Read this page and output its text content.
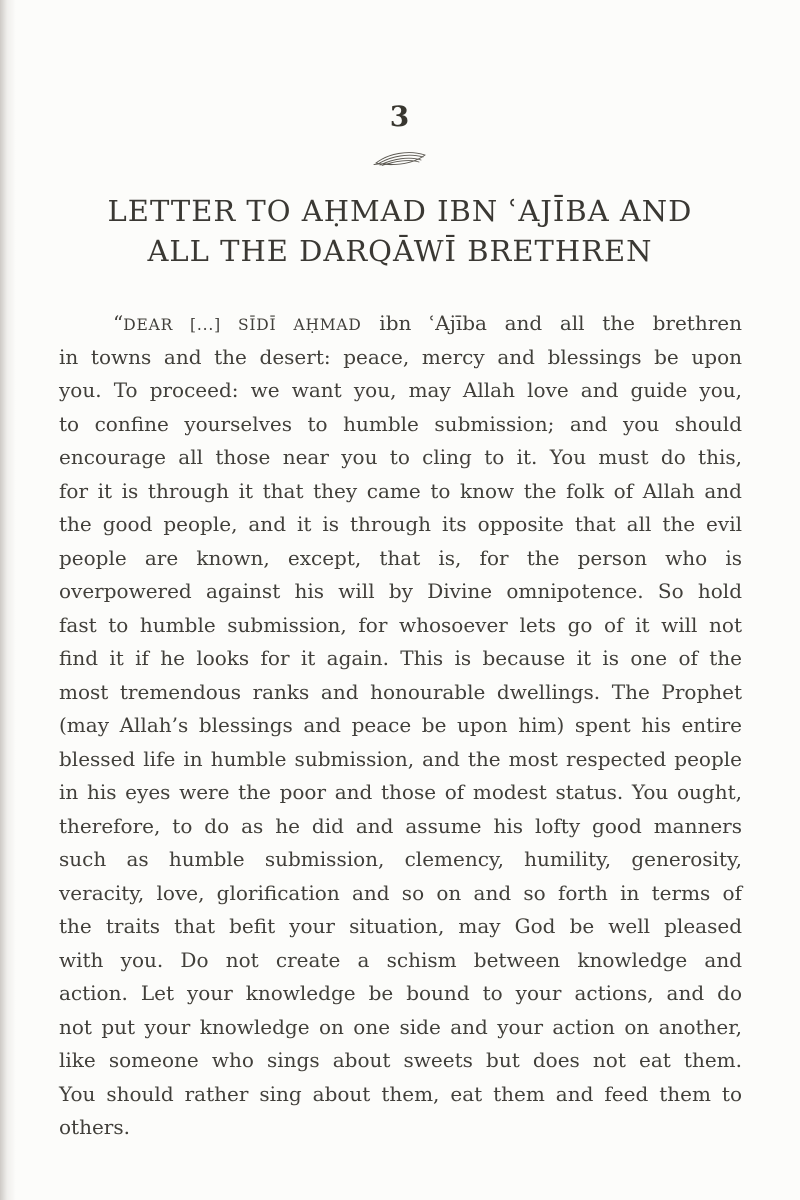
3
LETTER TO AḤMAD IBN ʿAJĪBA AND
ALL THE DARQĀWĪ BRETHREN
“DEAR [...] SĪDĪ AḤMAD ibn ʿAjība and all the brethren
in towns and the desert: peace, mercy and blessings be upon
you. To proceed: we want you, may Allah love and guide you,
to confine yourselves to humble submission; and you should
encourage all those near you to cling to it. You must do this,
for it is through it that they came to know the folk of Allah and
the good people, and it is through its opposite that all the evil
people are known, except, that is, for the person who is
overpowered against his will by Divine omnipotence. So hold
fast to humble submission, for whosoever lets go of it will not
find it if he looks for it again. This is because it is one of the
most tremendous ranks and honourable dwellings. The Prophet
(may Allah’s blessings and peace be upon him) spent his entire
blessed life in humble submission, and the most respected people
in his eyes were the poor and those of modest status. You ought,
therefore, to do as he did and assume his lofty good manners
such as humble submission, clemency, humility, generosity,
veracity, love, glorification and so on and so forth in terms of
the traits that befit your situation, may God be well pleased
with you. Do not create a schism between knowledge and
action. Let your knowledge be bound to your actions, and do
not put your knowledge on one side and your action on another,
like someone who sings about sweets but does not eat them.
You should rather sing about them, eat them and feed them to
others.
